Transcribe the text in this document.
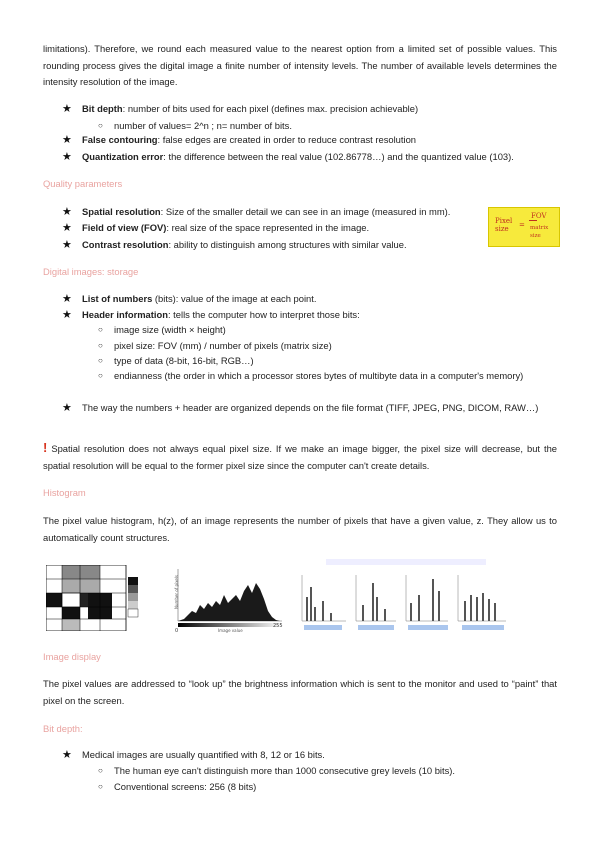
limitations). Therefore, we round each measured value to the nearest option from a limited set of possible values. This rounding process gives the digital image a finite number of intensity levels. The number of available levels determines the intensity resolution of the image.

★	Bit depth: number of bits used for each pixel (defines max. precision achievable)
○	number of values= 2^n ; n= number of bits.
★	False contouring: false edges are created in order to reduce contrast resolution
★	Quantization error: the difference between the real value (102.86778…) and the quantized value (103).
Quality parameters
★	Spatial resolution: Size of the smaller detail we can see in an image (measured in mm).
★	Field of view (FOV): real size of the space represented in the image.
★	Contrast resolution: ability to distinguish among structures with similar value.
Pixel size	=
FOV
matrix size
Digital images: storage
★	List of numbers (bits): value of the image at each point.
★	Header information: tells the computer how to interpret those bits:
○	image size (width × height)
○	pixel size: FOV (mm) / number of pixels (matrix size)
○	type of data (8-bit, 16-bit, RGB…)
○	endianness (the order in which a processor stores bytes of multibyte data in a computer's memory)
★	The way the numbers + header are organized depends on the file format (TIFF, JPEG, PNG, DICOM, RAW…)

! Spatial resolution does not always equal pixel size. If we make an image bigger, the pixel size will decrease, but the spatial resolution will be equal to the former pixel size since the computer can't create details.

Histogram

The pixel value histogram, h(z), of an image represents the number of pixels that have a given value, z. They allow us to automatically count structures.

0
255
Image value
Number of pixels
Image display

The pixel values are addressed to “look up” the brightness information which is sent to the monitor and used to “paint” that pixel on the screen.

Bit depth:
★	Medical images are usually quantified with 8, 12 or 16 bits.
○	The human eye can't distinguish more than 1000 consecutive grey levels (10 bits).
○	Conventional screens: 256 (8 bits)
